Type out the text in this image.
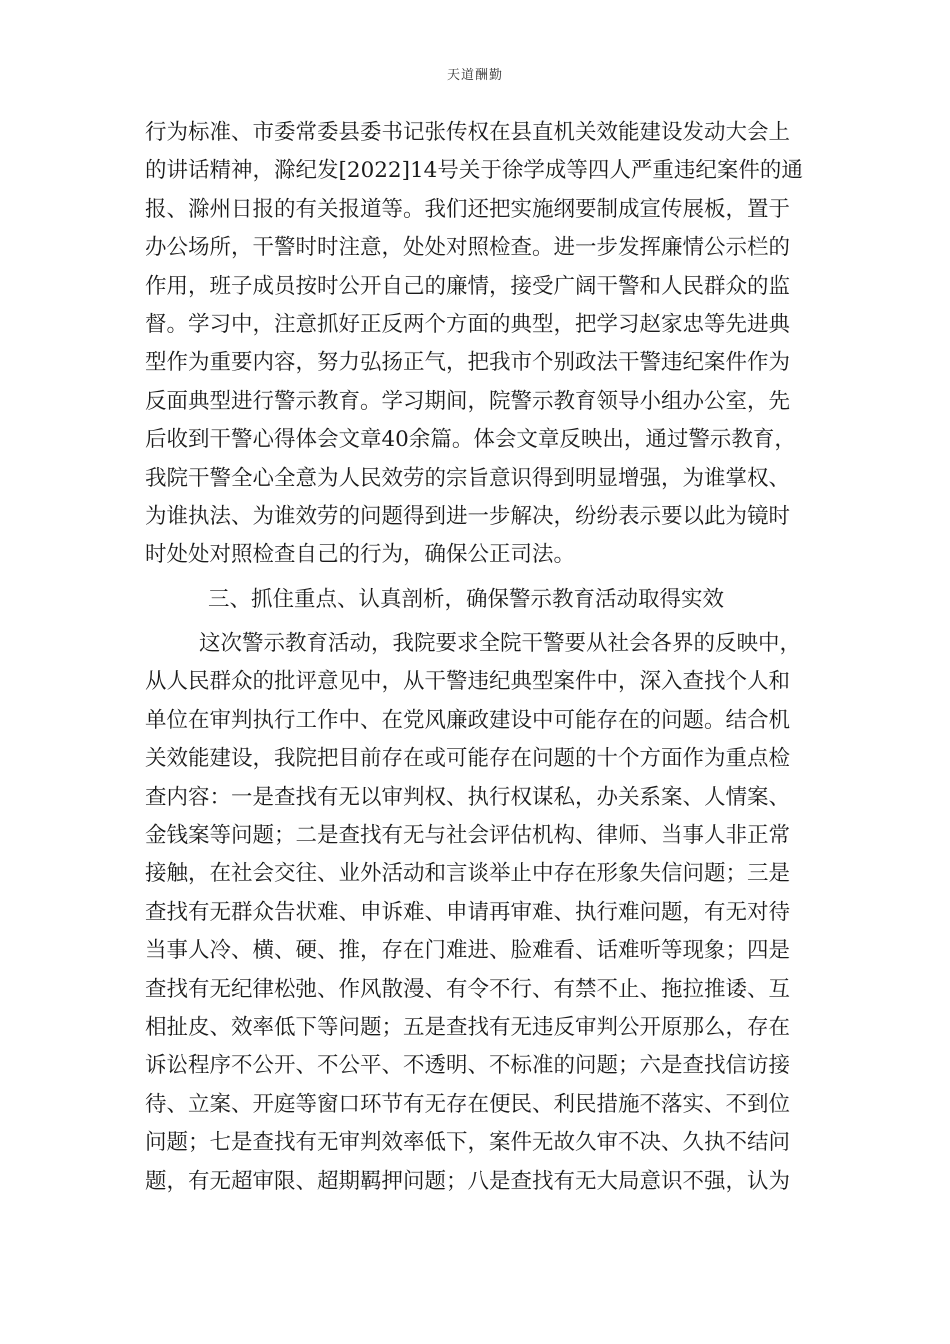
天道酬勤
行为标准、市委常委县委书记张传权在县直机关效能建设发动大会上
的讲话精神，滁纪发[2022]14号关于徐学成等四人严重违纪案件的通
报、滁州日报的有关报道等。我们还把实施纲要制成宣传展板，置于
办公场所，干警时时注意，处处对照检查。进一步发挥廉情公示栏的
作用，班子成员按时公开自己的廉情，接受广阔干警和人民群众的监
督。学习中，注意抓好正反两个方面的典型，把学习赵家忠等先进典
型作为重要内容，努力弘扬正气，把我市个别政法干警违纪案件作为
反面典型进行警示教育。学习期间，院警示教育领导小组办公室，先
后收到干警心得体会文章40余篇。体会文章反映出，通过警示教育，
我院干警全心全意为人民效劳的宗旨意识得到明显增强，为谁掌权、
为谁执法、为谁效劳的问题得到进一步解决，纷纷表示要以此为镜时
时处处对照检查自己的行为，确保公正司法。
三、抓住重点、认真剖析，确保警示教育活动取得实效
这次警示教育活动，我院要求全院干警要从社会各界的反映中，
从人民群众的批评意见中，从干警违纪典型案件中，深入查找个人和
单位在审判执行工作中、在党风廉政建设中可能存在的问题。结合机
关效能建设，我院把目前存在或可能存在问题的十个方面作为重点检
查内容：一是查找有无以审判权、执行权谋私，办关系案、人情案、
金钱案等问题；二是查找有无与社会评估机构、律师、当事人非正常
接触，在社会交往、业外活动和言谈举止中存在形象失信问题；三是
查找有无群众告状难、申诉难、申请再审难、执行难问题，有无对待
当事人冷、横、硬、推，存在门难进、脸难看、话难听等现象；四是
查找有无纪律松弛、作风散漫、有令不行、有禁不止、拖拉推诿、互
相扯皮、效率低下等问题；五是查找有无违反审判公开原那么，存在
诉讼程序不公开、不公平、不透明、不标准的问题；六是查找信访接
待、立案、开庭等窗口环节有无存在便民、利民措施不落实、不到位
问题；七是查找有无审判效率低下，案件无故久审不决、久执不结问
题，有无超审限、超期羁押问题；八是查找有无大局意识不强，认为
